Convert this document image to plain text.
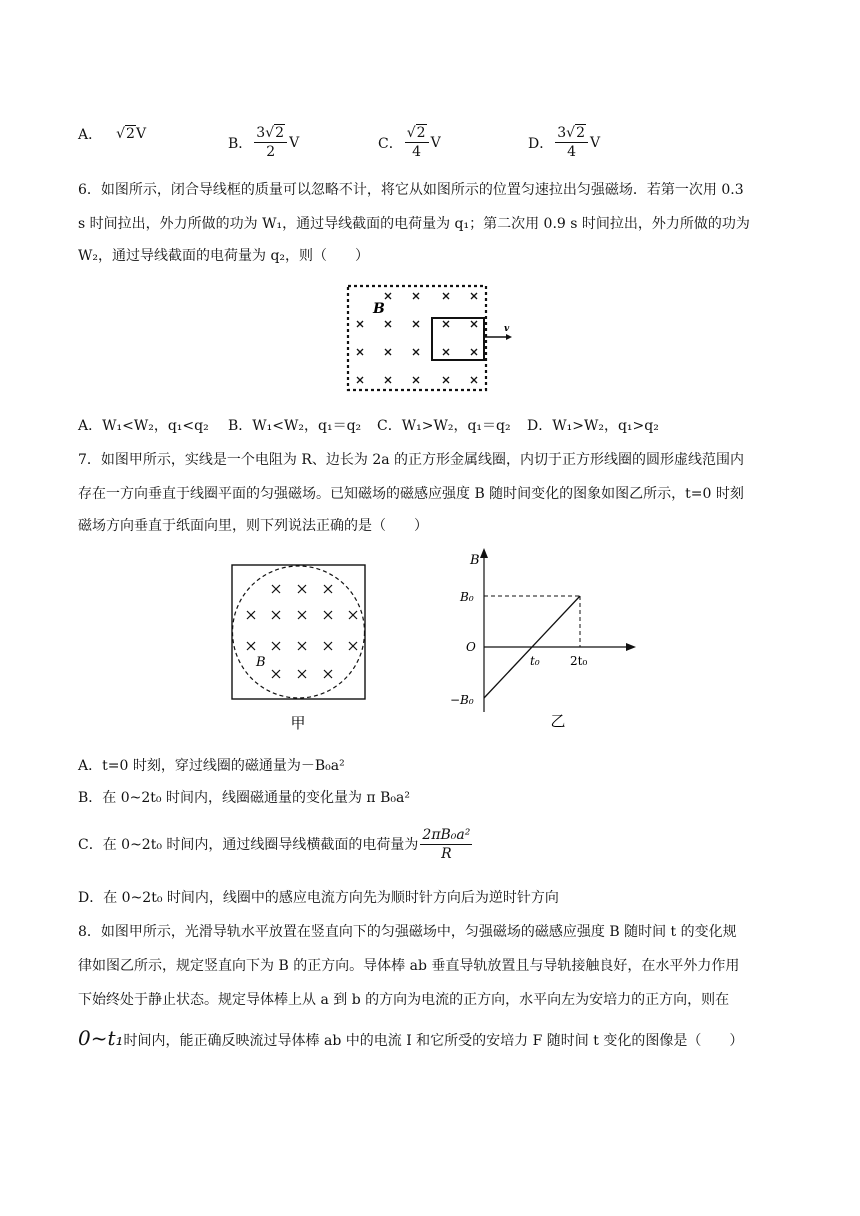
A． √2 V
B． $\frac{3√2}{2}$ V	C． $\frac{√2}{4}$ V	D． $\frac{3√2}{4}$ V
6．如图所示，闭合导线框的质量可以忽略不计，将它从如图所示的位置匀速拉出匀强磁场．若第一次用 0.3
s 时间拉出，外力所做的功为 W₁，通过导线截面的电荷量为 q₁；第二次用 0.9 s 时间拉出，外力所做的功为
W₂，通过导线截面的电荷量为 q₂，则（　　）
B
v
A．W₁<W₂，q₁<q₂ B．W₁<W₂，q₁＝q₂ C．W₁>W₂，q₁＝q₂ D．W₁>W₂，q₁>q₂
7．如图甲所示，实线是一个电阻为 R、边长为 2a 的正方形金属线圈，内切于正方形线圈的圆形虚线范围内
存在一方向垂直于线圈平面的匀强磁场。已知磁场的磁感应强度 B 随时间变化的图象如图乙所示，t=0 时刻
磁场方向垂直于纸面向里，则下列说法正确的是（　　）
B
甲
B
B₀
O
t₀	2t₀
−B₀
乙
A．t=0 时刻，穿过线圈的磁通量为－B₀a²
B．在 0~2t₀ 时间内，线圈磁通量的变化量为 π B₀a²
C．在 0~2t₀ 时间内，通过线圈导线横截面的电荷量为 $\frac{\text{2πB₀a²}}{R}$
D．在 0~2t₀ 时间内，线圈中的感应电流方向先为顺时针方向后为逆时针方向
8．如图甲所示，光滑导轨水平放置在竖直向下的匀强磁场中，匀强磁场的磁感应强度 B 随时间 t 的变化规
律如图乙所示，规定竖直向下为 B 的正方向。导体棒 ab 垂直导轨放置且与导轨接触良好，在水平外力作用
下始终处于静止状态。规定导体棒上从 a 到 b 的方向为电流的正方向，水平向左为安培力的正方向，则在
0~t₁时间内，能正确反映流过导体棒 ab 中的电流 I 和它所受的安培力 F 随时间 t 变化的图像是（　　）
